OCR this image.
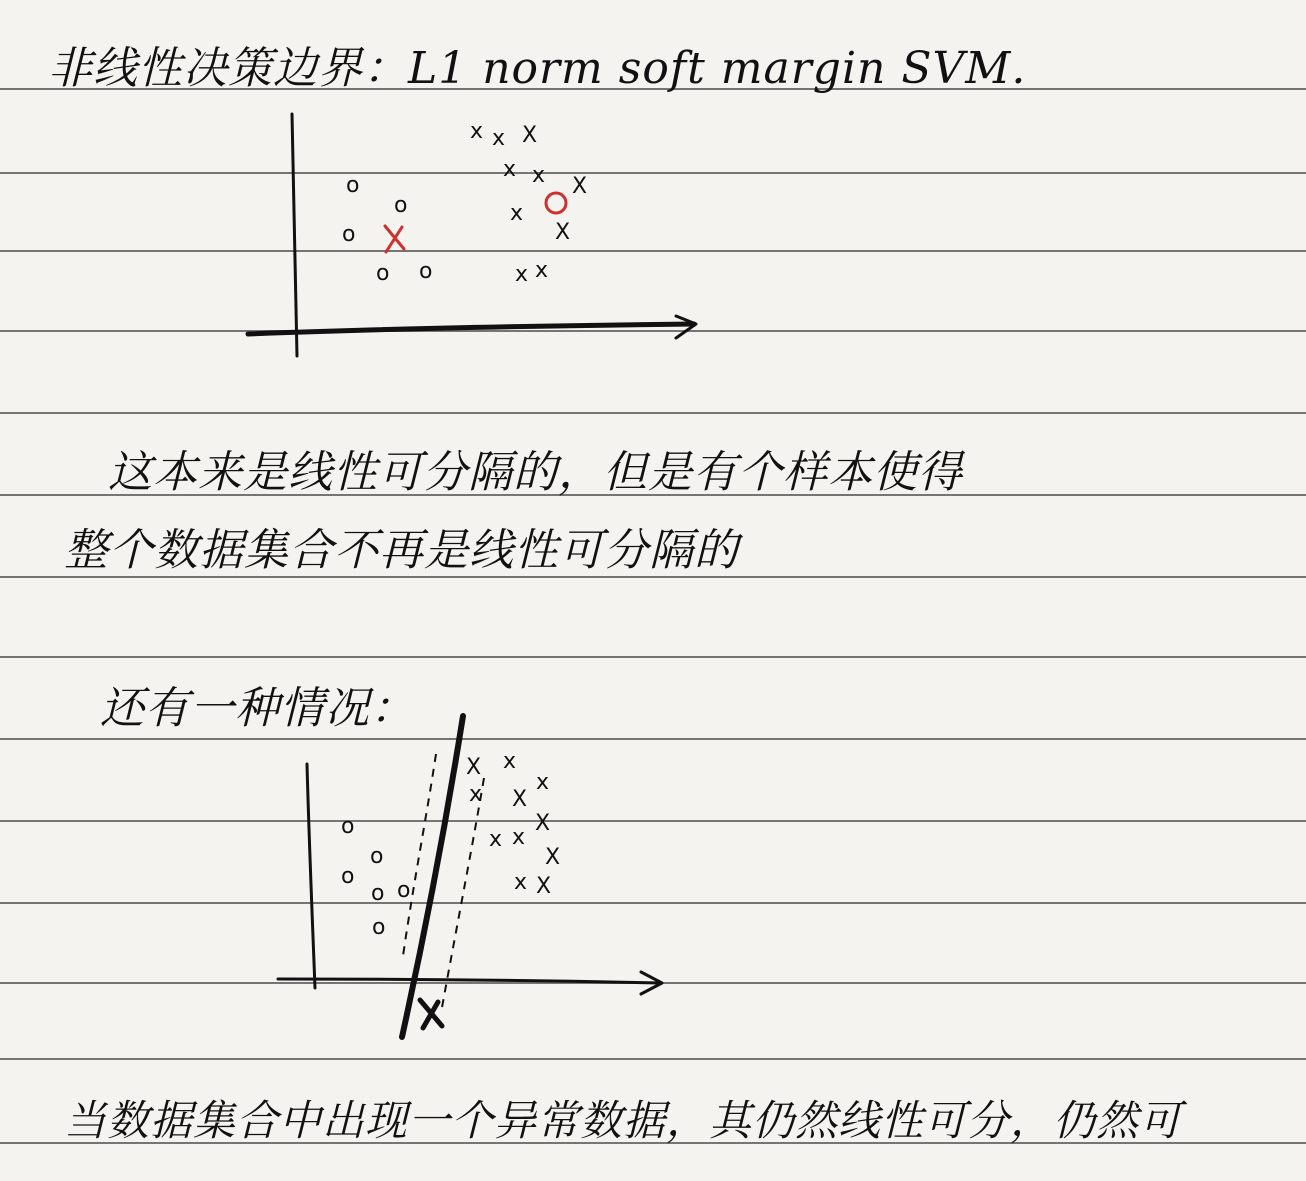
非线性决策边界：L1 norm soft margin SVM.
o
o
o
o o
x x X
x x X
x
X
x x
这本来是线性可分隔的，但是有个样本使得
整个数据集合不再是线性可分隔的
还有一种情况：
o
o
o
o o
o
X x
x
x X
X
x x
X
x X
当数据集合中出现一个异常数据，其仍然线性可分，仍然可
